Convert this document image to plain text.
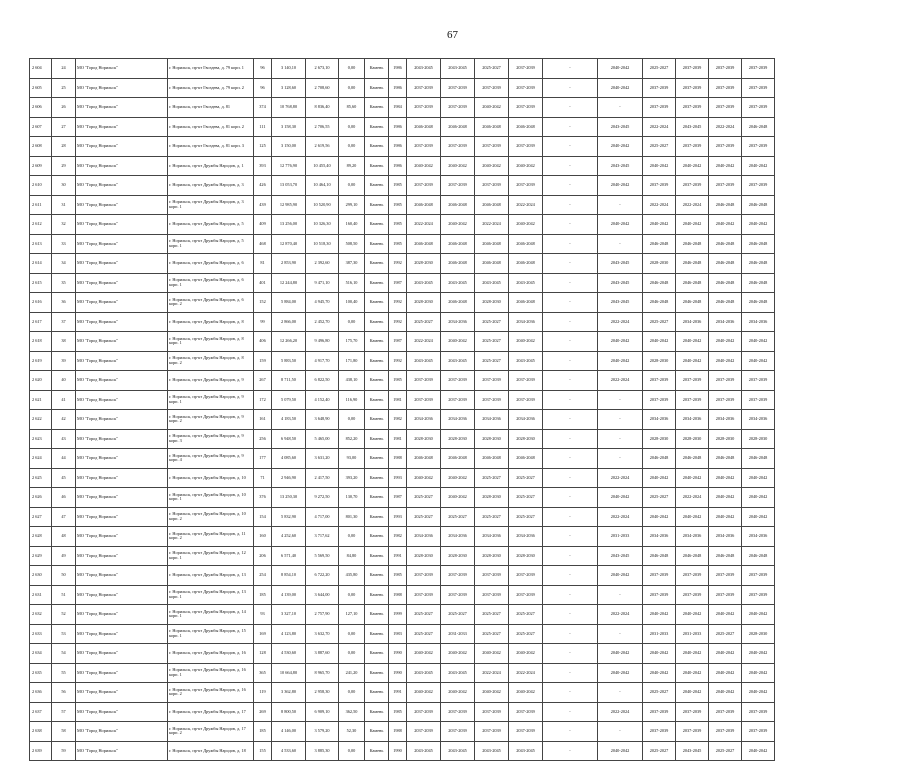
67
2 604	24	МО "Город Норильск"	г. Норильск, пр-кт Гвоздева, д. 79 корп. 1	96	3 140,10	2 673,10	0,00	Камень	1986	2043-2045	2043-2045	2025-2027	2037-2039	-	2040-2042	2025-2027	2037-2039	2037-2039	2037-2039
2 605	25	МО "Город Норильск"	г. Норильск, пр-кт Гвоздева, д. 79 корп. 2	96	3 128,60	2 708,60	0,00	Камень	1986	2037-2039	2037-2039	2037-2039	2037-2039	-	2040-2042	2037-2039	2037-2039	2037-2039	2037-2039
2 606	26	МО "Город Норильск"	г. Норильск, пр-кт Гвоздева, д. 81	374	10 768,80	8 836,40	85,60	Камень	1984	2037-2039	2037-2039	2040-2042	2037-2039	-	-	2037-2039	2037-2039	2037-2039	2037-2039
2 607	27	МО "Город Норильск"	г. Норильск, пр-кт Гвоздева, д. 81 корп. 2	111	3 158,30	2 706,55	0,00	Камень	1986	2046-2048	2046-2048	2046-2048	2046-2048	-	2043-2045	2022-2024	2043-2045	2022-2024	2046-2048
2 608	28	МО "Город Норильск"	г. Норильск, пр-кт Гвоздева, д. 81 корп. 3	125	3 150,00	2 619,56	0,00	Камень	1986	2037-2039	2037-2039	2037-2039	2037-2039	-	2040-2042	2025-2027	2037-2039	2037-2039	2037-2039
2 609	29	МО "Город Норильск"	г. Норильск, пр-кт Дружбы Народов, д. 1	393	12 776,90	10 455,40	89,20	Камень	1986	2040-2042	2040-2042	2040-2042	2040-2042	-	2043-2045	2040-2042	2040-2042	2040-2042	2040-2042
2 610	30	МО "Город Норильск"	г. Норильск, пр-кт Дружбы Народов, д. 3	426	13 053,70	10 464,10	0,00	Камень	1985	2037-2039	2037-2039	2037-2039	2037-2039	-	2040-2042	2037-2039	2037-2039	2037-2039	2037-2039
2 611	31	МО "Город Норильск"	г. Норильск, пр-кт Дружбы Народов, д. 3 корп. 1	439	12 985,90	10 520,90	299,10	Камень	1985	2046-2048	2046-2048	2046-2048	2022-2024	-	-	2022-2024	2022-2024	2046-2048	2046-2048
2 612	32	МО "Город Норильск"	г. Норильск, пр-кт Дружбы Народов, д. 5	409	13 256,00	10 326,30	160,40	Камень	1985	2022-2024	2040-2042	2022-2024	2040-2042	-	2040-2042	2040-2042	2040-2042	2040-2042	2040-2042
2 613	33	МО "Город Норильск"	г. Норильск, пр-кт Дружбы Народов, д. 5 корп. 1	468	12 870,40	10 518,30	508,50	Камень	1985	2046-2048	2046-2048	2046-2048	2046-2048	-	-	2046-2048	2046-2048	2046-2048	2046-2048
2 614	34	МО "Город Норильск"	г. Норильск, пр-кт Дружбы Народов, д. 6	81	2 853,90	2 392,60	387,30	Камень	1992	2028-2030	2046-2048	2046-2048	2046-2048	-	2043-2045	2028-2030	2046-2048	2046-2048	2046-2048
2 615	35	МО "Город Норильск"	г. Норильск, пр-кт Дружбы Народов, д. 6 корп. 1	401	12 244,80	9 471,10	516,10	Камень	1987	2043-2045	2043-2045	2043-2045	2043-2045	-	2043-2045	2046-2048	2046-2048	2046-2048	2046-2048
2 616	36	МО "Город Норильск"	г. Норильск, пр-кт Дружбы Народов, д. 6 корп. 2	152	5 884,00	4 945,70	100,40	Камень	1992	2028-2030	2046-2048	2028-2030	2046-2048	-	2043-2045	2046-2048	2046-2048	2046-2048	2046-2048
2 617	37	МО "Город Норильск"	г. Норильск, пр-кт Дружбы Народов, д. 8	99	2 866,00	2 452,70	0,00	Камень	1992	2025-2027	2034-2036	2025-2027	2034-2036	-	2022-2024	2025-2027	2034-2036	2034-2036	2034-2036
2 618	38	МО "Город Норильск"	г. Норильск, пр-кт Дружбы Народов, д. 8 корп. 1	406	12 266,20	9 496,80	175,70	Камень	1987	2022-2024	2040-2042	2025-2027	2040-2042	-	2040-2042	2040-2042	2040-2042	2040-2042	2040-2042
2 619	39	МО "Город Норильск"	г. Норильск, пр-кт Дружбы Народов, д. 8 корп. 2	159	5 883,50	4 917,70	171,80	Камень	1992	2043-2045	2043-2045	2025-2027	2043-2045	-	2040-2042	2028-2030	2040-2042	2040-2042	2040-2042
2 620	40	МО "Город Норильск"	г. Норильск, пр-кт Дружбы Народов, д. 9	267	8 711,50	6 822,50	438,10	Камень	1985	2037-2039	2037-2039	2037-2039	2037-2039	-	2022-2024	2037-2039	2037-2039	2037-2039	2037-2039
2 621	41	МО "Город Норильск"	г. Норильск, пр-кт Дружбы Народов, д. 9 корп. 1	172	5 079,50	4 152,40	116,90	Камень	1981	2037-2039	2037-2039	2037-2039	2037-2039	-	-	2037-2039	2037-2039	2037-2039	2037-2039
2 622	42	МО "Город Норильск"	г. Норильск, пр-кт Дружбы Народов, д. 9 корп. 2	161	4 183,50	3 648,90	0,00	Камень	1982	2034-2036	2034-2036	2034-2036	2034-2036	-	-	2034-2036	2034-2036	2034-2036	2034-2036
2 623	43	МО "Город Норильск"	г. Норильск, пр-кт Дружбы Народов, д. 9 корп. 3	256	6 948,50	5 465,00	852,20	Камень	1981	2028-2030	2028-2030	2028-2030	2028-2030	-	-	2028-2030	2028-2030	2028-2030	2028-2030
2 624	44	МО "Город Норильск"	г. Норильск, пр-кт Дружбы Народов, д. 9 корп. 4	177	4 085,60	3 631,20	93,00	Камень	1988	2046-2048	2046-2048	2046-2048	2046-2048	-	-	2046-2048	2046-2048	2046-2048	2046-2048
2 625	45	МО "Город Норильск"	г. Норильск, пр-кт Дружбы Народов, д. 10	71	2 946,90	2 417,50	393,20	Камень	1993	2040-2042	2040-2042	2025-2027	2025-2027	-	2022-2024	2040-2042	2040-2042	2040-2042	2040-2042
2 626	46	МО "Город Норильск"	г. Норильск, пр-кт Дружбы Народов, д. 10 корп. 1	376	13 250,30	9 272,50	130,70	Камень	1987	2025-2027	2040-2042	2028-2030	2025-2027	-	2040-2042	2025-2027	2022-2024	2040-2042	2040-2042
2 627	47	МО "Город Норильск"	г. Норильск, пр-кт Дружбы Народов, д. 10 корп. 2	154	5 832,90	4 717,00	801,30	Камень	1993	2025-2027	2025-2027	2025-2027	2025-2027	-	2022-2024	2040-2042	2040-2042	2040-2042	2040-2042
2 628	48	МО "Город Норильск"	г. Норильск, пр-кт Дружбы Народов, д. 11 корп. 2	160	4 252,60	3 717,62	0,00	Камень	1982	2034-2036	2034-2036	2034-2036	2034-2036	-	2031-2033	2034-2036	2034-2036	2034-2036	2034-2036
2 629	49	МО "Город Норильск"	г. Норильск, пр-кт Дружбы Народов, д. 12 корп. 1	206	6 571,40	5 569,50	84,80	Камень	1991	2028-2030	2028-2030	2028-2030	2028-2030	-	2043-2045	2046-2048	2046-2048	2046-2048	2046-2048
2 630	50	МО "Город Норильск"	г. Норильск, пр-кт Дружбы Народов, д. 13	254	8 854,10	6 722,20	435,80	Камень	1985	2037-2039	2037-2039	2037-2039	2037-2039	-	2040-2042	2037-2039	2037-2039	2037-2039	2037-2039
2 631	51	МО "Город Норильск"	г. Норильск, пр-кт Дружбы Народов, д. 13 корп. 1	185	4 139,00	3 644,00	0,00	Камень	1988	2037-2039	2037-2039	2037-2039	2037-2039	-	-	2037-2039	2037-2039	2037-2039	2037-2039
2 632	52	МО "Город Норильск"	г. Норильск, пр-кт Дружбы Народов, д. 14 корп. 1	93	3 327,10	2 757,90	127,10	Камень	1999	2025-2027	2025-2027	2025-2027	2025-2027	-	2022-2024	2040-2042	2040-2042	2040-2042	2040-2042
2 633	53	МО "Город Норильск"	г. Норильск, пр-кт Дружбы Народов, д. 15 корп. 1	169	4 123,80	3 632,70	0,00	Камень	1983	2025-2027	2031-2033	2025-2027	2025-2027	-	-	2031-2033	2031-2033	2025-2027	2028-2030
2 634	54	МО "Город Норильск"	г. Норильск, пр-кт Дружбы Народов, д. 16	128	4 530,60	3 887,60	0,00	Камень	1990	2040-2042	2040-2042	2040-2042	2040-2042	-	2040-2042	2040-2042	2040-2042	2040-2042	2040-2042
2 635	55	МО "Город Норильск"	г. Норильск, пр-кт Дружбы Народов, д. 16 корп. 1	365	10 664,80	8 965,70	241,20	Камень	1990	2043-2045	2043-2045	2022-2024	2022-2024	-	2040-2042	2040-2042	2040-2042	2040-2042	2040-2042
2 636	56	МО "Город Норильск"	г. Норильск, пр-кт Дружбы Народов, д. 16 корп. 2	119	3 362,80	2 958,30	0,00	Камень	1991	2040-2042	2040-2042	2040-2042	2040-2042	-	-	2025-2027	2040-2042	2040-2042	2040-2042
2 637	57	МО "Город Норильск"	г. Норильск, пр-кт Дружбы Народов, д. 17	269	8 800,50	6 909,10	362,50	Камень	1985	2037-2039	2037-2039	2037-2039	2037-2039	-	2022-2024	2037-2039	2037-2039	2037-2039	2037-2039
2 638	58	МО "Город Норильск"	г. Норильск, пр-кт Дружбы Народов, д. 17 корп. 2	185	4 146,00	3 579,20	52,30	Камень	1988	2037-2039	2037-2039	2037-2039	2037-2039	-	-	2037-2039	2037-2039	2037-2039	2037-2039
2 639	59	МО "Город Норильск"	г. Норильск, пр-кт Дружбы Народов, д. 18	155	4 533,60	3 885,30	0,00	Камень	1990	2043-2045	2043-2045	2043-2045	2043-2045	-	2040-2042	2025-2027	2043-2045	2025-2027	2040-2042
